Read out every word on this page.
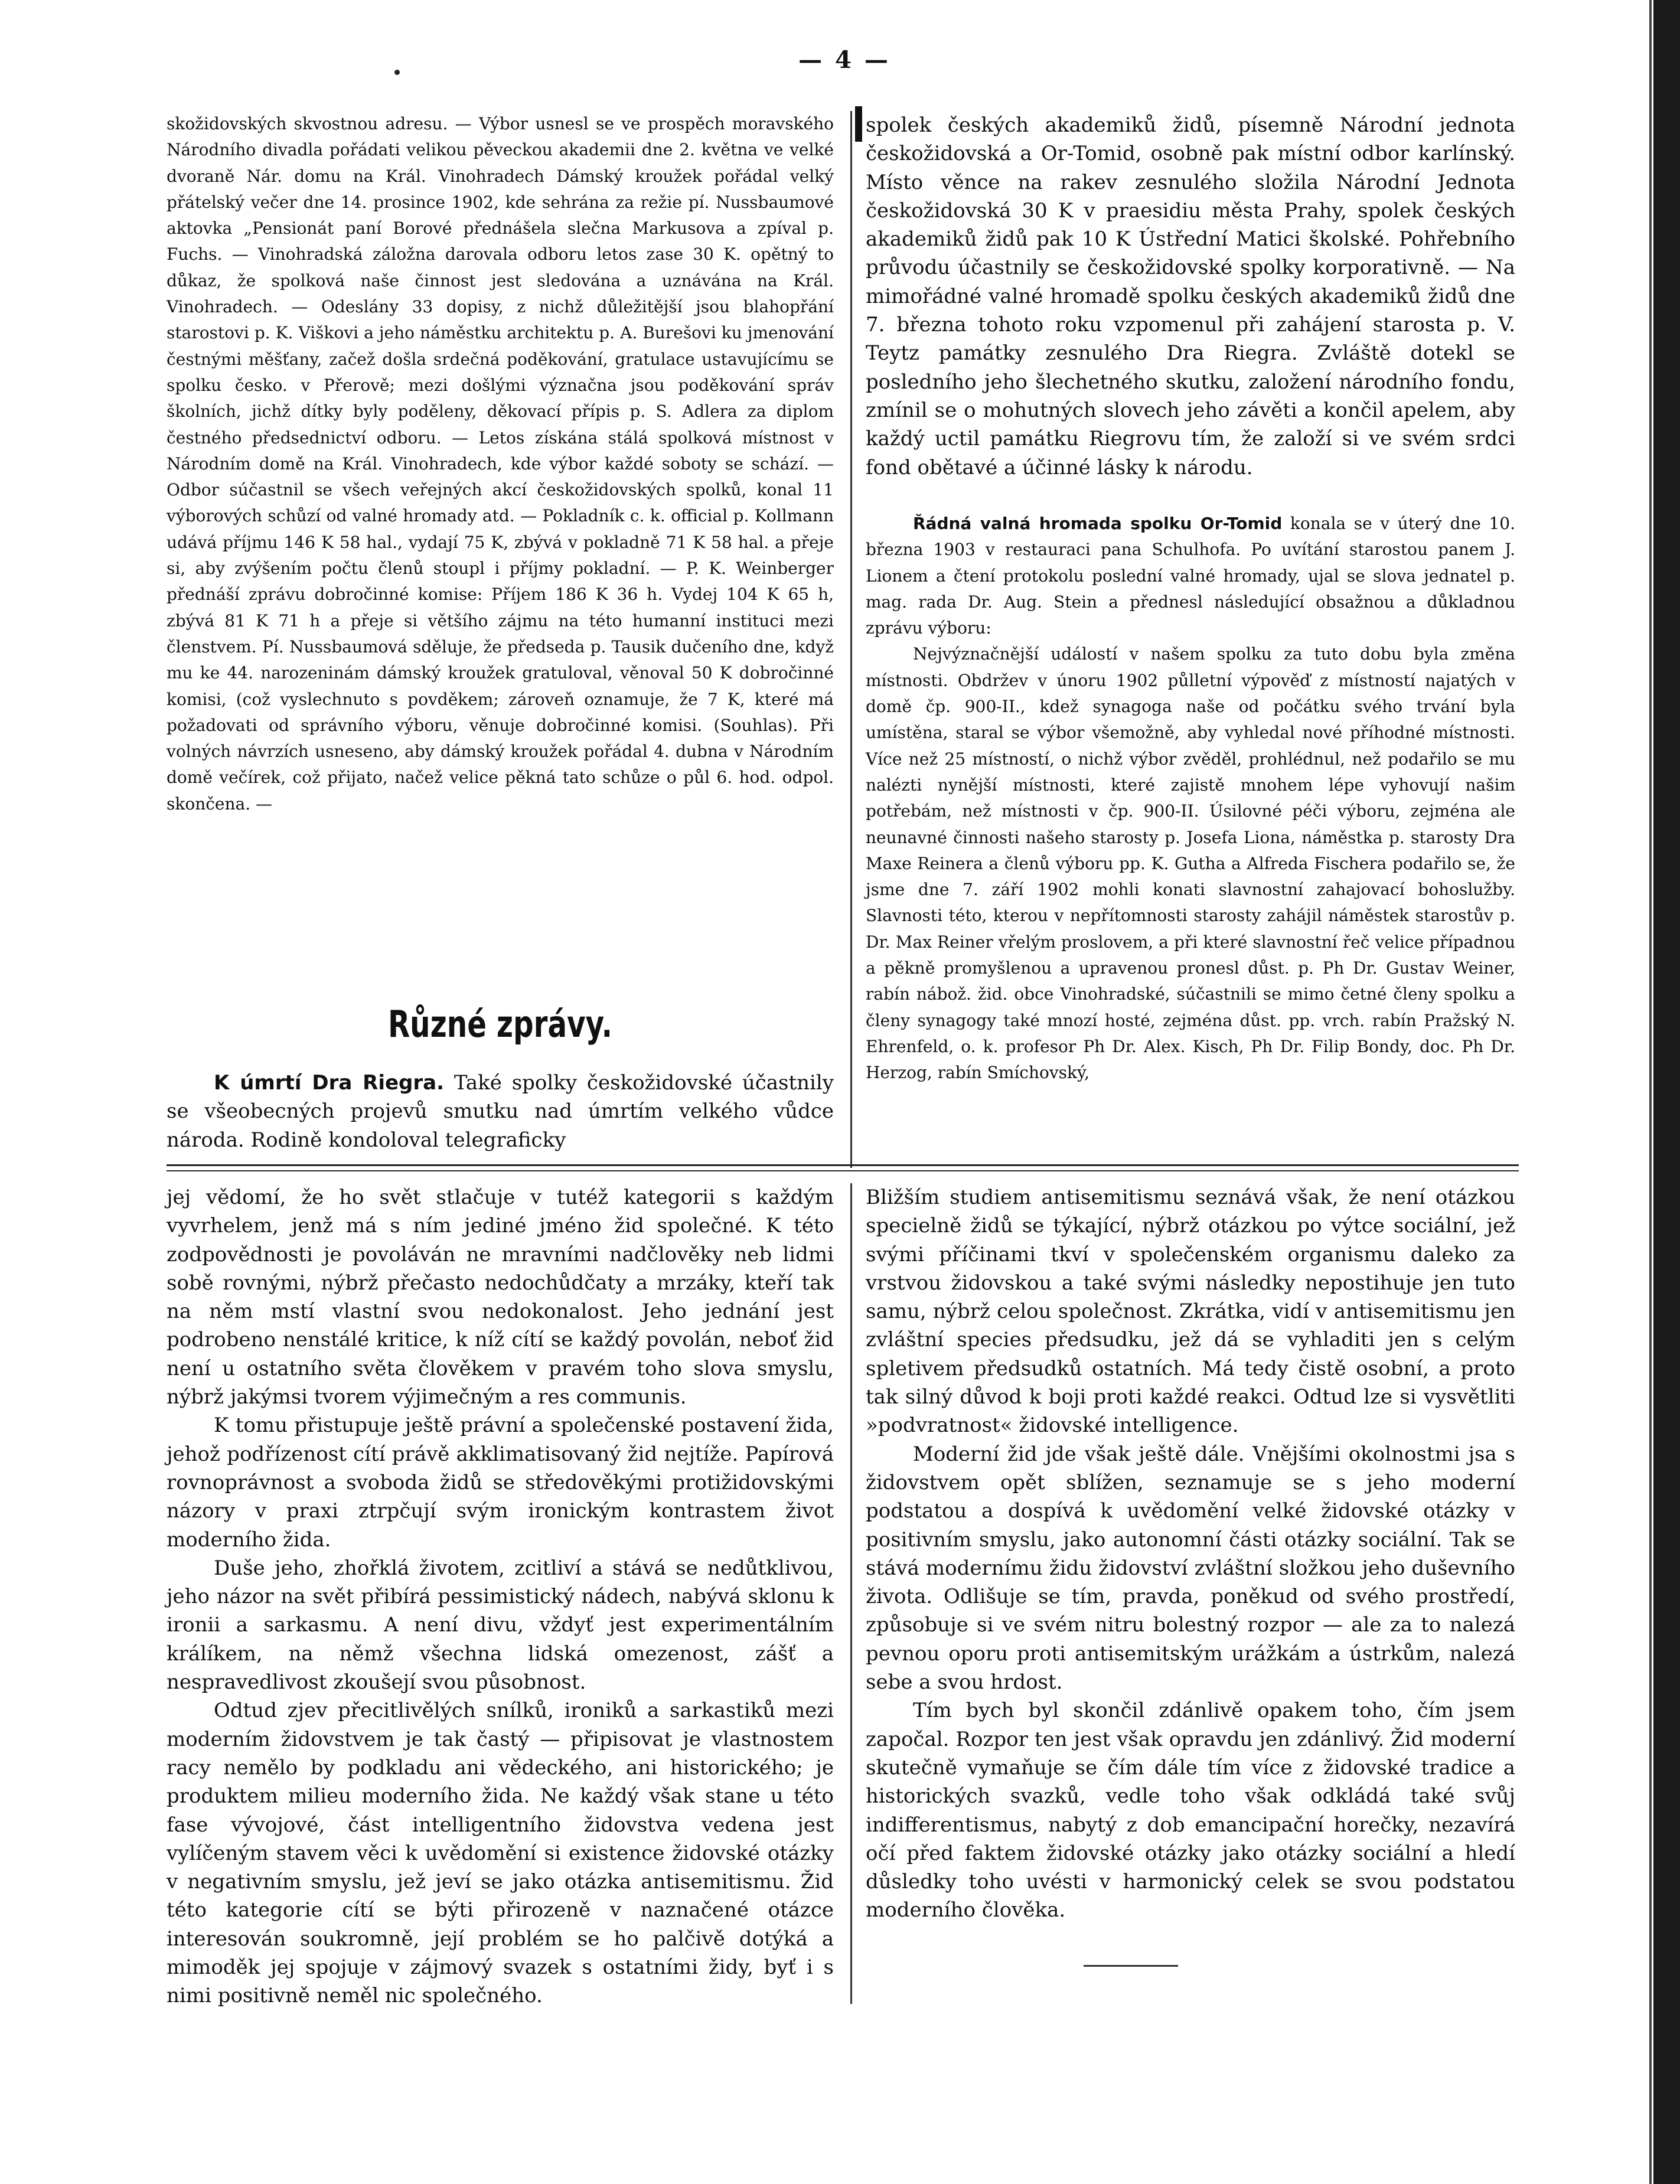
— 4 —

skožidovských skvostnou adresu. — Výbor usnesl se ve prospěch moravského Národního divadla pořádati velikou pěveckou akademii dne 2. května ve velké dvoraně Nár. domu na Král. Vinohradech Dámský kroužek pořádal velký přátelský večer dne 14. prosince 1902, kde sehrána za režie pí. Nussbaumové aktovka „Pensionát paní Borové přednášela slečna Markusova a zpíval p. Fuchs. — Vinohradská záložna darovala odboru letos zase 30 K. opětný to důkaz, že spolková naše činnost jest sledována a uznávána na Král. Vinohradech. — Odeslány 33 dopisy, z nichž důležitější jsou blahopřání starostovi p. K. Viškovi a jeho náměstku architektu p. A. Burešovi ku jmenování čestnými měšťany, začež došla srdečná poděkování, gratulace ustavujícímu se spolku česko. v Přerově; mezi došlými význačna jsou poděkování správ školních, jichž dítky byly poděleny, děkovací přípis p. S. Adlera za diplom čestného předsednictví odboru. — Letos získána stálá spolková místnost v Národním domě na Král. Vinohradech, kde výbor každé soboty se schází. — Odbor súčastnil se všech veřejných akcí českožidovských spolků, konal 11 výborových schůzí od valné hromady atd. — Pokladník c. k. official p. Kollmann udává příjmu 146 K 58 hal., vydají 75 K, zbývá v pokladně 71 K 58 hal. a přeje si, aby zvýšením počtu členů stoupl i příjmy pokladní. — P. K. Weinberger přednáší zprávu dobročinné komise: Příjem 186 K 36 h. Vydej 104 K 65 h, zbývá 81 K 71 h a přeje si většího zájmu na této humanní instituci mezi členstvem. Pí. Nussbaumová sděluje, že předseda p. Tausik dučeního dne, když mu ke 44. narozeninám dámský kroužek gratuloval, věnoval 50 K dobročinné komisi, (což vyslechnuto s povděkem; zároveň oznamuje, že 7 K, které má požadovati od správního výboru, věnuje dobročinné komisi. (Souhlas). Při volných návrzích usneseno, aby dámský kroužek pořádal 4. dubna v Národním domě večírek, což přijato, načež velice pěkná tato schůze o půl 6. hod. odpol. skončena. —

spolek českých akademiků židů, písemně Národní jednota českožidovská a Or-Tomid, osobně pak místní odbor karlínský. Místo věnce na rakev zesnulého složila Národní Jednota českožidovská 30 K v praesidiu města Prahy, spolek českých akademiků židů pak 10 K Ústřední Matici školské. Pohřebního průvodu účastnily se českožidovské spolky korporativně. — Na mimořádné valné hromadě spolku českých akademiků židů dne 7. března tohoto roku vzpomenul při zahájení starosta p. V. Teytz památky zesnulého Dra Riegra. Zvláště dotekl se posledního jeho šlechetného skutku, založení národního fondu, zmínil se o mohutných slovech jeho závěti a končil apelem, aby každý uctil památku Riegrovu tím, že založí si ve svém srdci fond obětavé a účinné lásky k národu.

Řádná valná hromada spolku Or-Tomid konala se v úterý dne 10. března 1903 v restauraci pana Schulhofa. Po uvítání starostou panem J. Lionem a čtení protokolu poslední valné hromady, ujal se slova jednatel p. mag. rada Dr. Aug. Stein a přednesl následující obsažnou a důkladnou zprávu výboru:

Nejvýznačnější událostí v našem spolku za tuto dobu byla změna místnosti. Obdržev v únoru 1902 půlletní výpověď z místností najatých v domě čp. 900-II., kdež synagoga naše od počátku svého trvání byla umístěna, staral se výbor všemožně, aby vyhledal nové příhodné místnosti. Více než 25 místností, o nichž výbor zvěděl, prohlédnul, než podařilo se mu nalézti nynější místnosti, které zajistě mnohem lépe vyhovují našim potřebám, než místnosti v čp. 900-II. Úsilovné péči výboru, zejména ale neunavné činnosti našeho starosty p. Josefa Liona, náměstka p. starosty Dra Maxe Reinera a členů výboru pp. K. Gutha a Alfreda Fischera podařilo se, že jsme dne 7. září 1902 mohli konati slavnostní zahajovací bohoslužby. Slavnosti této, kterou v nepřítomnosti starosty zahájil náměstek starostův p. Dr. Max Reiner vřelým proslovem, a při které slavnostní řeč velice případnou a pěkně promyšlenou a upravenou pronesl důst. p. Ph Dr. Gustav Weiner, rabín nábož. žid. obce Vinohradské, súčastnili se mimo četné členy spolku a členy synagogy také mnozí hosté, zejména důst. pp. vrch. rabín Pražský N. Ehrenfeld, o. k. profesor Ph Dr. Alex. Kisch, Ph Dr. Filip Bondy, doc. Ph Dr. Herzog, rabín Smíchovský,

Různé zprávy.

K úmrtí Dra Riegra. Také spolky českožidovské účastnily se všeobecných projevů smutku nad úmrtím velkého vůdce národa. Rodině kondoloval telegraficky

jej vědomí, že ho svět stlačuje v tutéž kategorii s každým vyvrhelem, jenž má s ním jediné jméno žid společné. K této zodpovědnosti je povoláván ne mravními nadčlověky neb lidmi sobě rovnými, nýbrž přečasto nedochůdčaty a mrzáky, kteří tak na něm mstí vlastní svou nedokonalost. Jeho jednání jest podrobeno nenstálé kritice, k níž cítí se každý povolán, neboť žid není u ostatního světa člověkem v pravém toho slova smyslu, nýbrž jakýmsi tvorem výjimečným a res communis.

K tomu přistupuje ještě právní a společenské postavení žida, jehož podřízenost cítí právě akklimatisovaný žid nejtíže. Papírová rovnoprávnost a svoboda židů se středověkými protižidovskými názory v praxi ztrpčují svým ironickým kontrastem život moderního žida.

Duše jeho, zhořklá životem, zcitliví a stává se nedůtklivou, jeho názor na svět přibírá pessimistický nádech, nabývá sklonu k ironii a sarkasmu. A není divu, vždyť jest experimentálním králíkem, na němž všechna lidská omezenost, zášť a nespravedlivost zkoušejí svou působnost.

Odtud zjev přecitlivělých snílků, ironiků a sarkastiků mezi moderním židovstvem je tak častý — připisovat je vlastnostem racy nemělo by podkladu ani vědeckého, ani historického; je produktem milieu moderního žida. Ne každý však stane u této fase vývojové, část intelligentního židovstva vedena jest vylíčeným stavem věci k uvědomění si existence židovské otázky v negativním smyslu, jež jeví se jako otázka antisemitismu. Žid této kategorie cítí se býti přirozeně v naznačené otázce interesován soukromně, její problém se ho palčivě dotýká a mimoděk jej spojuje v zájmový svazek s ostatními židy, byť i s nimi positivně neměl nic společného.

Bližším studiem antisemitismu seznává však, že není otázkou specielně židů se týkající, nýbrž otázkou po výtce sociální, jež svými příčinami tkví v společenském organismu daleko za vrstvou židovskou a také svými následky nepostihuje jen tuto samu, nýbrž celou společnost. Zkrátka, vidí v antisemitismu jen zvláštní species předsudku, jež dá se vyhladiti jen s celým spletivem předsudků ostatních. Má tedy čistě osobní, a proto tak silný důvod k boji proti každé reakci. Odtud lze si vysvětliti »podvratnost« židovské intelligence.

Moderní žid jde však ještě dále. Vnějšími okolnostmi jsa s židovstvem opět sblížen, seznamuje se s jeho moderní podstatou a dospívá k uvědomění velké židovské otázky v positivním smyslu, jako autonomní části otázky sociální. Tak se stává modernímu židu židovství zvláštní složkou jeho duševního života. Odlišuje se tím, pravda, poněkud od svého prostředí, způsobuje si ve svém nitru bolestný rozpor — ale za to nalezá pevnou oporu proti antisemitským urážkám a ústrkům, nalezá sebe a svou hrdost.

Tím bych byl skončil zdánlivě opakem toho, čím jsem započal. Rozpor ten jest však opravdu jen zdánlivý. Žid moderní skutečně vymaňuje se čím dále tím více z židovské tradice a historických svazků, vedle toho však odkládá také svůj indifferentismus, nabytý z dob emancipační horečky, nezavírá očí před faktem židovské otázky jako otázky sociální a hledí důsledky toho uvésti v harmonický celek se svou podstatou moderního člověka.
